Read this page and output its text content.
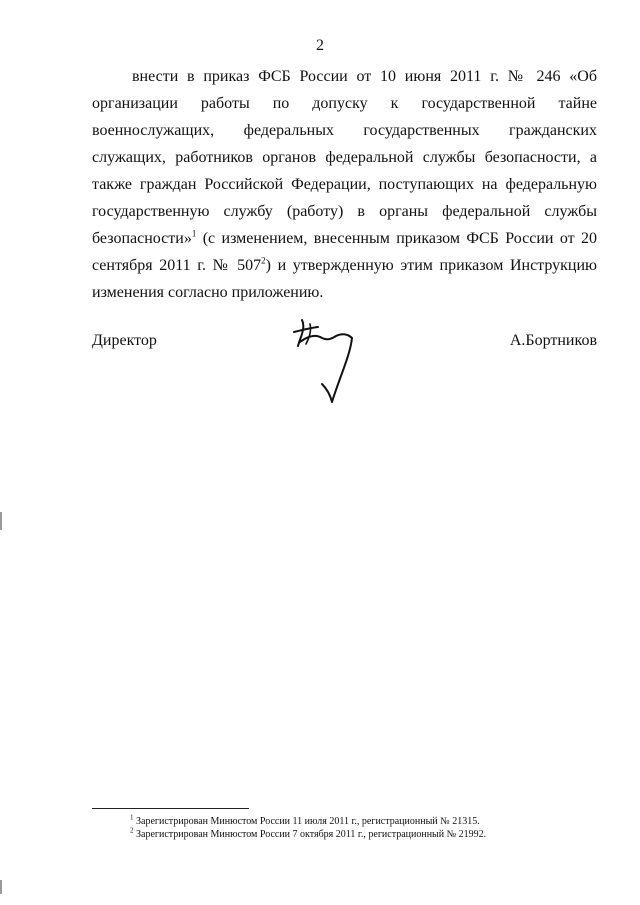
2

внести в приказ ФСБ России от 10 июня 2011 г. № 246 «Об организации работы по допуску к государственной тайне военнослужащих, федеральных государственных гражданских служащих, работников органов федеральной службы безопасности, а также граждан Российской Федерации, поступающих на федеральную государственную службу (работу) в органы федеральной службы безопасности»$^1$ (с изменением, внесенным приказом ФСБ России от 20 сентября 2011 г. № $507^2$) и утвержденную этим приказом Инструкцию изменения согласно приложению.

Директор	А.Бортников

$^1$ Зарегистрирован Минюстом России 11 июля 2011 г., регистрационный № 21315.

$^2$ Зарегистрирован Минюстом России 7 октября 2011 г., регистрационный № 21992.
